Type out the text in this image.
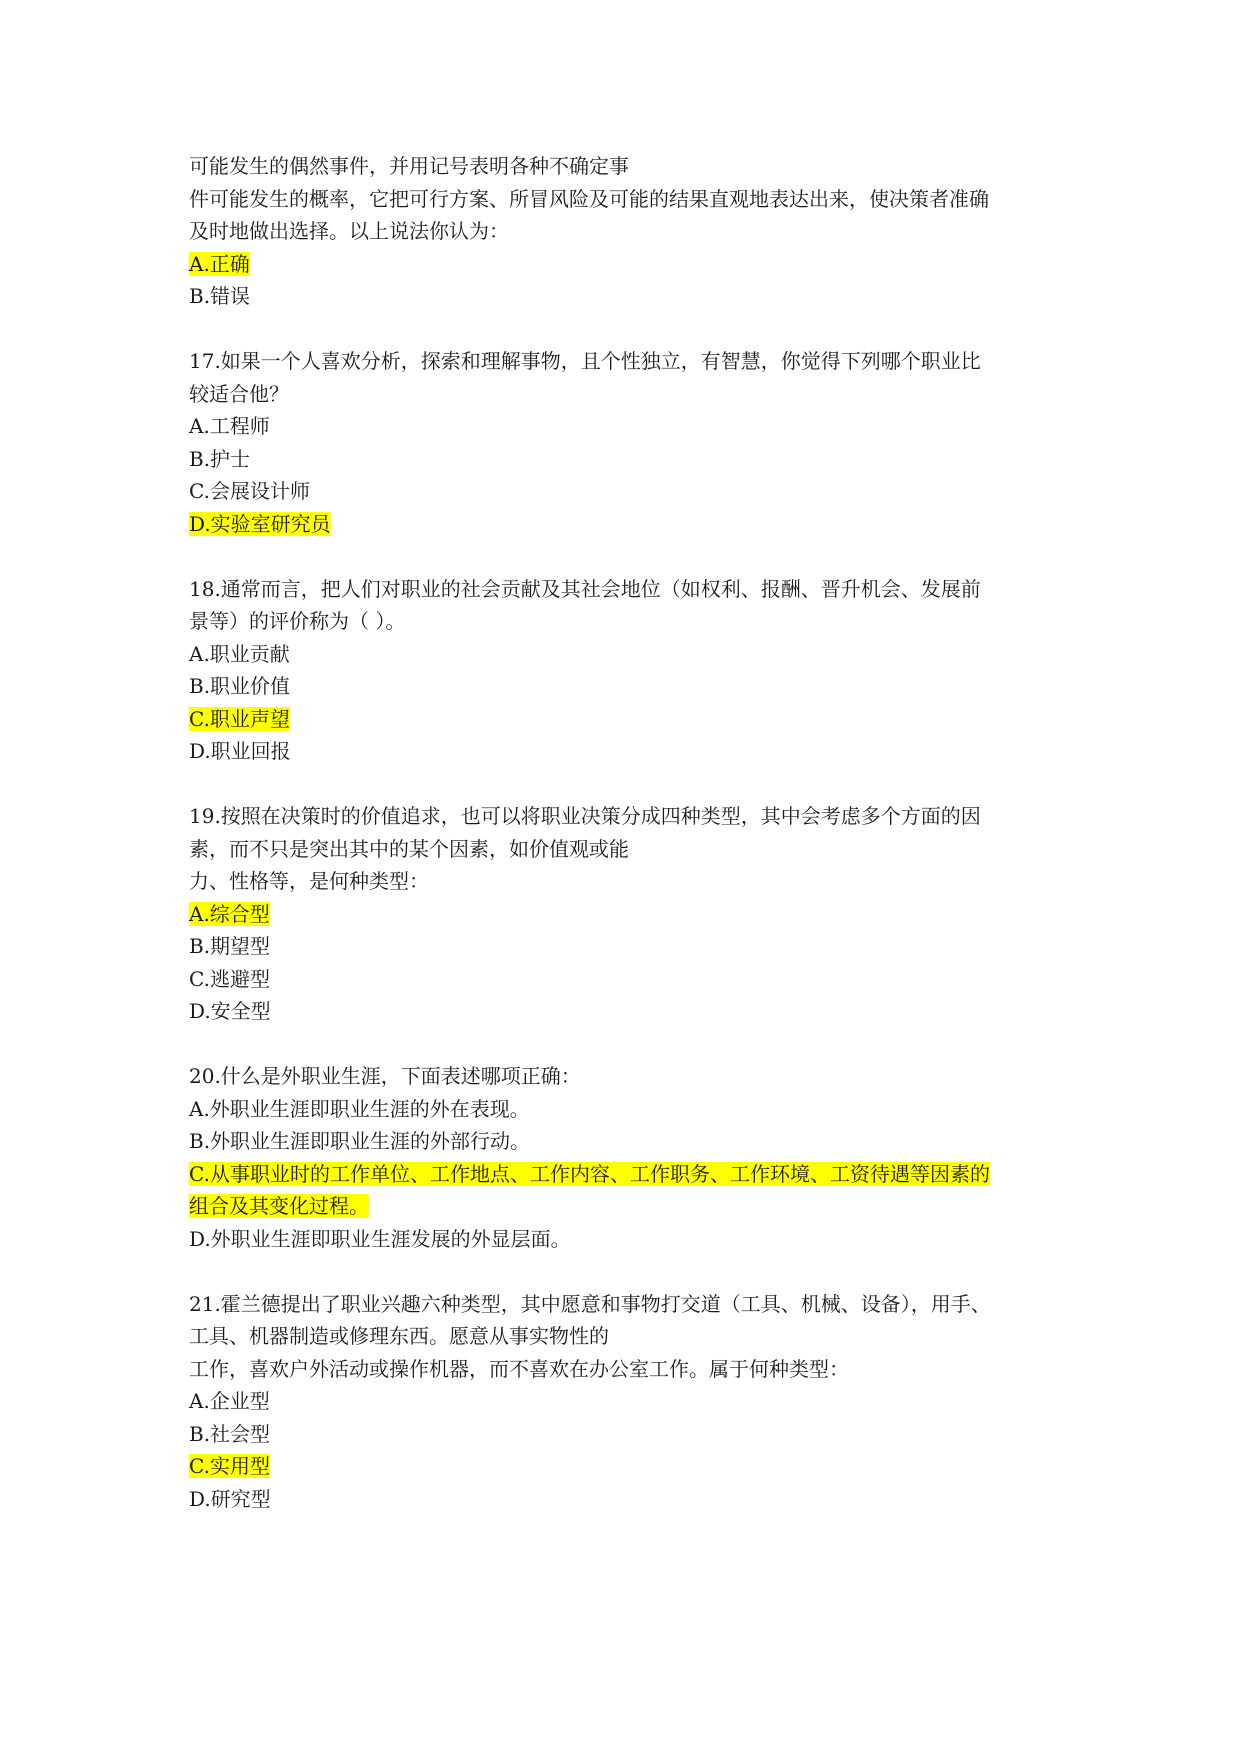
可能发生的偶然事件，并用记号表明各种不确定事
件可能发生的概率，它把可行方案、所冒风险及可能的结果直观地表达出来，使决策者准确
及时地做出选择。以上说法你认为：
A.正确
B.错误
17.如果一个人喜欢分析，探索和理解事物，且个性独立，有智慧，你觉得下列哪个职业比
较适合他？
A.工程师
B.护士
C.会展设计师
D.实验室研究员
18.通常而言，把人们对职业的社会贡献及其社会地位（如权利、报酬、晋升机会、发展前
景等）的评价称为（ ）。
A.职业贡献
B.职业价值
C.职业声望
D.职业回报
19.按照在决策时的价值追求，也可以将职业决策分成四种类型，其中会考虑多个方面的因
素，而不只是突出其中的某个因素，如价值观或能
力、性格等，是何种类型：
A.综合型
B.期望型
C.逃避型
D.安全型
20.什么是外职业生涯，下面表述哪项正确：
A.外职业生涯即职业生涯的外在表现。
B.外职业生涯即职业生涯的外部行动。
C.从事职业时的工作单位、工作地点、工作内容、工作职务、工作环境、工资待遇等因素的
组合及其变化过程。
D.外职业生涯即职业生涯发展的外显层面。
21.霍兰德提出了职业兴趣六种类型，其中愿意和事物打交道（工具、机械、设备），用手、
工具、机器制造或修理东西。愿意从事实物性的
工作，喜欢户外活动或操作机器，而不喜欢在办公室工作。属于何种类型：
A.企业型
B.社会型
C.实用型
D.研究型
